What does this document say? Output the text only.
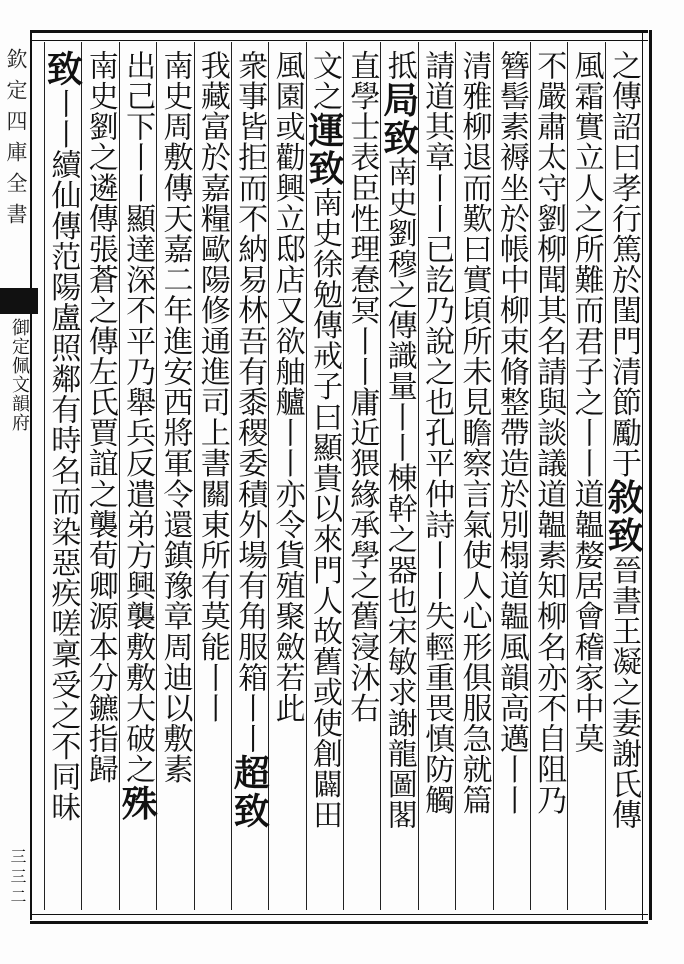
欽定四庫全書
御定佩文韻府
三三二
之傳詔曰孝行篤於閨門清節勵于敘致晉書王凝之妻謝氏傳
風霜實立人之所難而君子之丨丨道韞嫠居會稽家中莫
不嚴肅太守劉柳聞其名請與談議道韞素知柳名亦不自阻乃
簪髻素褥坐於帳中柳束脩整帶造於別榻道韞風韻高邁丨丨
清雅柳退而歎曰實頃所未見瞻察言氣使人心形俱服急就篇
請道其章丨丨已訖乃說之也孔平仲詩丨丨失輕重畏慎防觸
抵局致南史劉穆之傳識量丨丨棟幹之器也宋敏求謝龍圖閣
直學士表臣性理惷冥丨丨庸近猥緣承學之舊寖沐右
文之運致南史徐勉傳戒子曰顯貴以來門人故舊或使創闢田
風園或勸興立邸店又欲舳艫丨丨亦令貨殖聚斂若此
衆事皆拒而不納易林吾有黍稷委積外場有角服箱丨丨超致
我藏富於嘉糧歐陽修通進司上書關東所有莫能丨丨
南史周敷傳天嘉二年進安西將軍令還鎮豫章周迪以敷素
出己下丨丨顯達深不平乃舉兵反遣弟方興襲敷敷大破之殊
南史劉之遴傳張蒼之傳左氏賈誼之襲荀卿源本分鑣指歸
致丨丨續仙傳范陽盧照鄰有時名而染惡疾嗟稟受之不同昧
